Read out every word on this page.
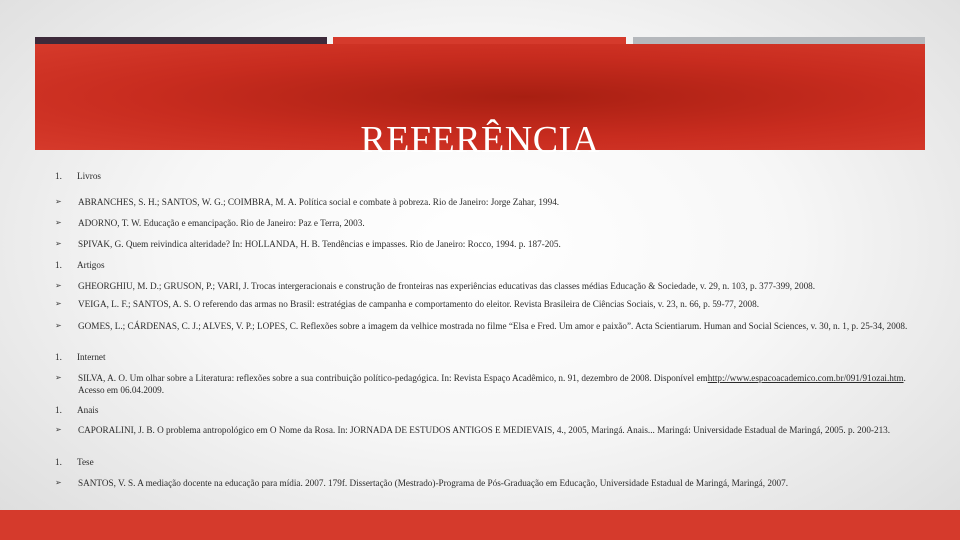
REFERÊNCIA
1.	Livros
➢	ABRANCHES, S. H.; SANTOS, W. G.; COIMBRA, M. A. Política social e combate à pobreza. Rio de Janeiro: Jorge Zahar, 1994.
➢	ADORNO, T. W. Educação e emancipação. Rio de Janeiro: Paz e Terra, 2003.
➢	SPIVAK, G. Quem reivindica alteridade? In: HOLLANDA, H. B. Tendências e impasses. Rio de Janeiro: Rocco, 1994. p. 187-205.
1.	Artigos
➢	GHEORGHIU, M. D.; GRUSON, P.; VARI, J. Trocas intergeracionais e construção de fronteiras nas experiências educativas das classes médias Educação & Sociedade, v. 29, n. 103, p. 377-399, 2008.
➢	VEIGA, L. F.; SANTOS, A. S. O referendo das armas no Brasil: estratégias de campanha e comportamento do eleitor. Revista Brasileira de Ciências Sociais, v. 23, n. 66, p. 59-77, 2008.
➢	GOMES, L.; CÁRDENAS, C. J.; ALVES, V. P.; LOPES, C. Reflexões sobre a imagem da velhice mostrada no filme “Elsa e Fred. Um amor e paixão”. Acta Scientiarum. Human and Social Sciences, v. 30, n. 1, p. 25-34, 2008.
1.	Internet
➢	SILVA, A. O. Um olhar sobre a Literatura: reflexões sobre a sua contribuição político-pedagógica. In: Revista Espaço Acadêmico, n. 91, dezembro de 2008. Disponível emhttp://www.espacoacademico.com.br/091/91ozai.htm. Acesso em 06.04.2009.
1.	Anais
➢	CAPORALINI, J. B. O problema antropológico em O Nome da Rosa. In: JORNADA DE ESTUDOS ANTIGOS E MEDIEVAIS, 4., 2005, Maringá. Anais... Maringá: Universidade Estadual de Maringá, 2005. p. 200-213.
1.	Tese
➢	SANTOS, V. S. A mediação docente na educação para mídia. 2007. 179f. Dissertação (Mestrado)-Programa de Pós-Graduação em Educação, Universidade Estadual de Maringá, Maringá, 2007.
